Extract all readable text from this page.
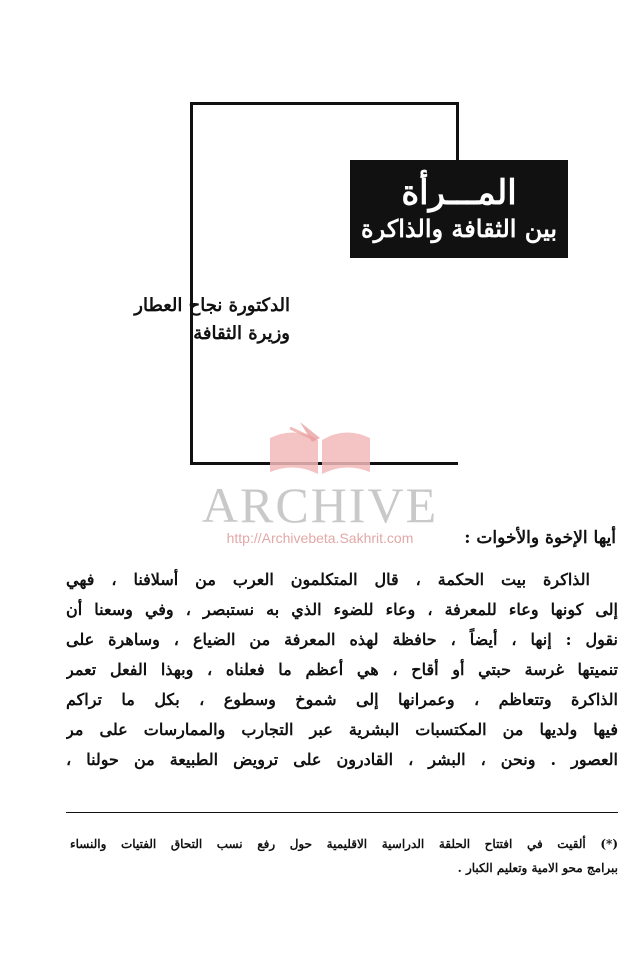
المـــرأة
بين الثقافة والذاكرة
الدكتورة نجاح العطار
وزيرة الثقافة
ARCHIVE
http://Archivebeta.Sakhrit.com	أيها الإخوة والأخوات :
الذاكرة بيت الحكمة ، قال المتكلمون العرب من أسلافنا ، فهي
إلى كونها وعاء للمعرفة ، وعاء للضوء الذي به نستبصر ، وفي وسعنا أن
نقول : إنها ، أيضاً ، حافظة لهذه المعرفة من الضياع ، وساهرة على
تنميتها غرسة حبتي أو أقاح ، هي أعظم ما فعلناه ، وبهذا الفعل تعمر
الذاكرة وتتعاظم ، وعمرانها إلى شموخ وسطوع ، بكل ما تراكم
فيها ولديها من المكتسبات البشرية عبر التجارب والممارسات على مر
العصور . ونحن ، البشر ، القادرون على ترويض الطبيعة من حولنا ،
(*) ألقيت في افتتاح الحلقة الدراسية الاقليمية حول رفع نسب التحاق الفتيات والنساء
ببرامج محو الامية وتعليم الكبار .
